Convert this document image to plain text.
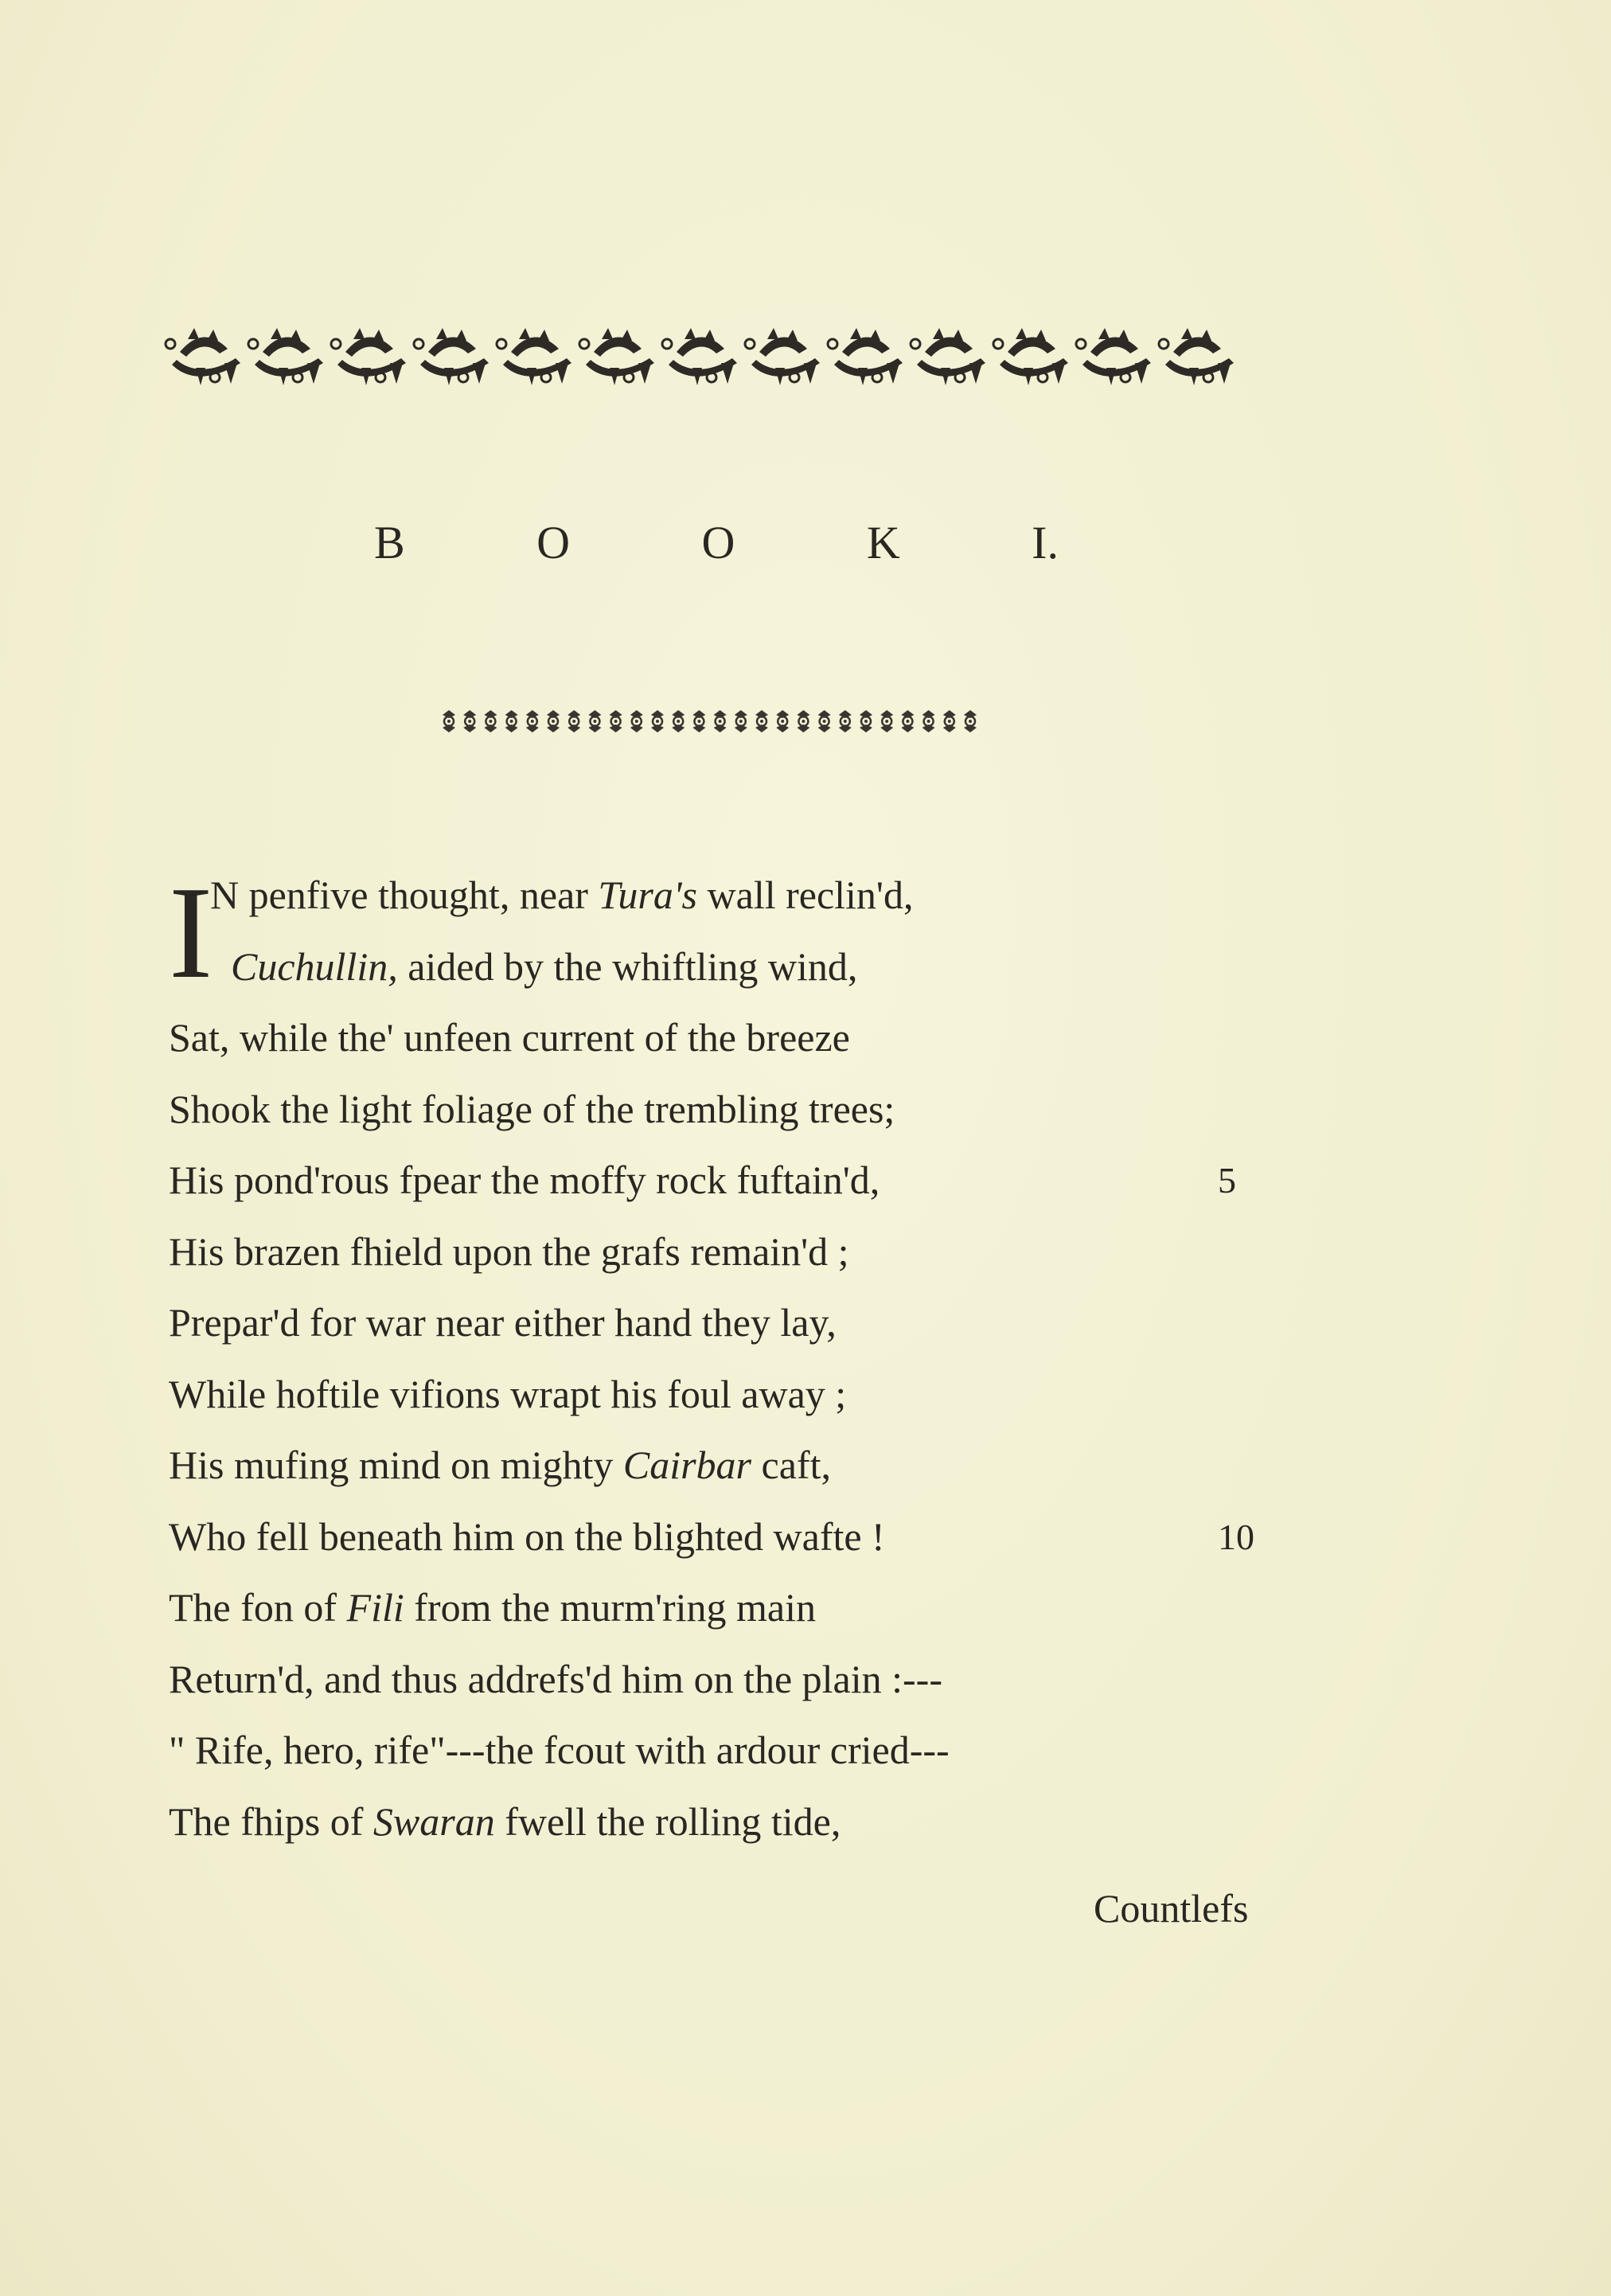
B	O	O	K	I.
I
N penfive thought, near Tura's wall reclin'd,
Cuchullin, aided by the whiftling wind,
Sat, while the' unfeen current of the breeze
Shook the light foliage of the trembling trees;
His pond'rous fpear the moffy rock fuftain'd,	5
His brazen fhield upon the grafs remain'd ;
Prepar'd for war near either hand they lay,
While hoftile vifions wrapt his foul away ;
His mufing mind on mighty Cairbar caft,
Who fell beneath him on the blighted wafte !	10
The fon of Fili from the murm'ring main
Return'd, and thus addrefs'd him on the plain :---
" Rife, hero, rife"---the fcout with ardour cried---
The fhips of Swaran fwell the rolling tide,
Countlefs
